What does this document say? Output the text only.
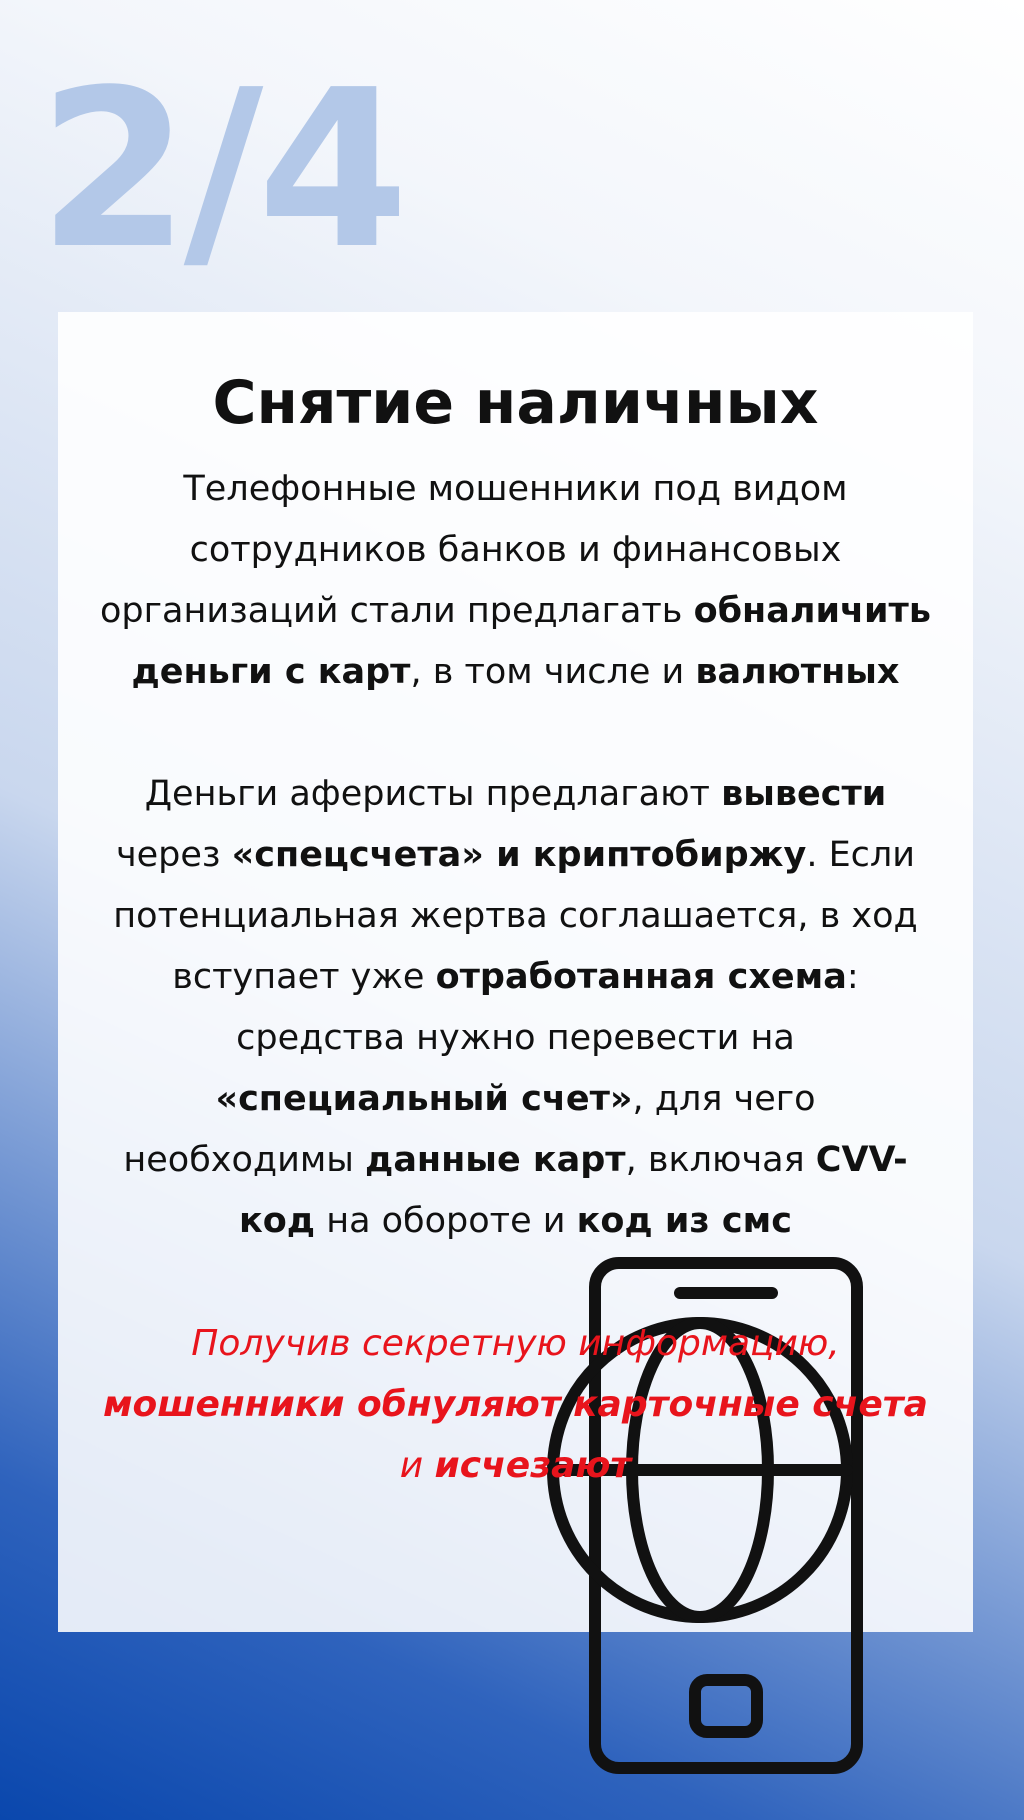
2/4
Снятие наличных

Телефонные мошенники под видом сотрудников банков и финансовых организаций стали предлагать обналичить деньги с карт, в том числе и валютных

Деньги аферисты предлагают вывести через «спецсчета» и криптобиржу. Если потенциальная жертва соглашается, в ход вступает уже отработанная схема: средства нужно перевести на «специальный счет», для чего необходимы данные карт, включая CVV-код на обороте и код из смс

Получив секретную информацию, мошенники обнуляют карточные счета и исчезают
